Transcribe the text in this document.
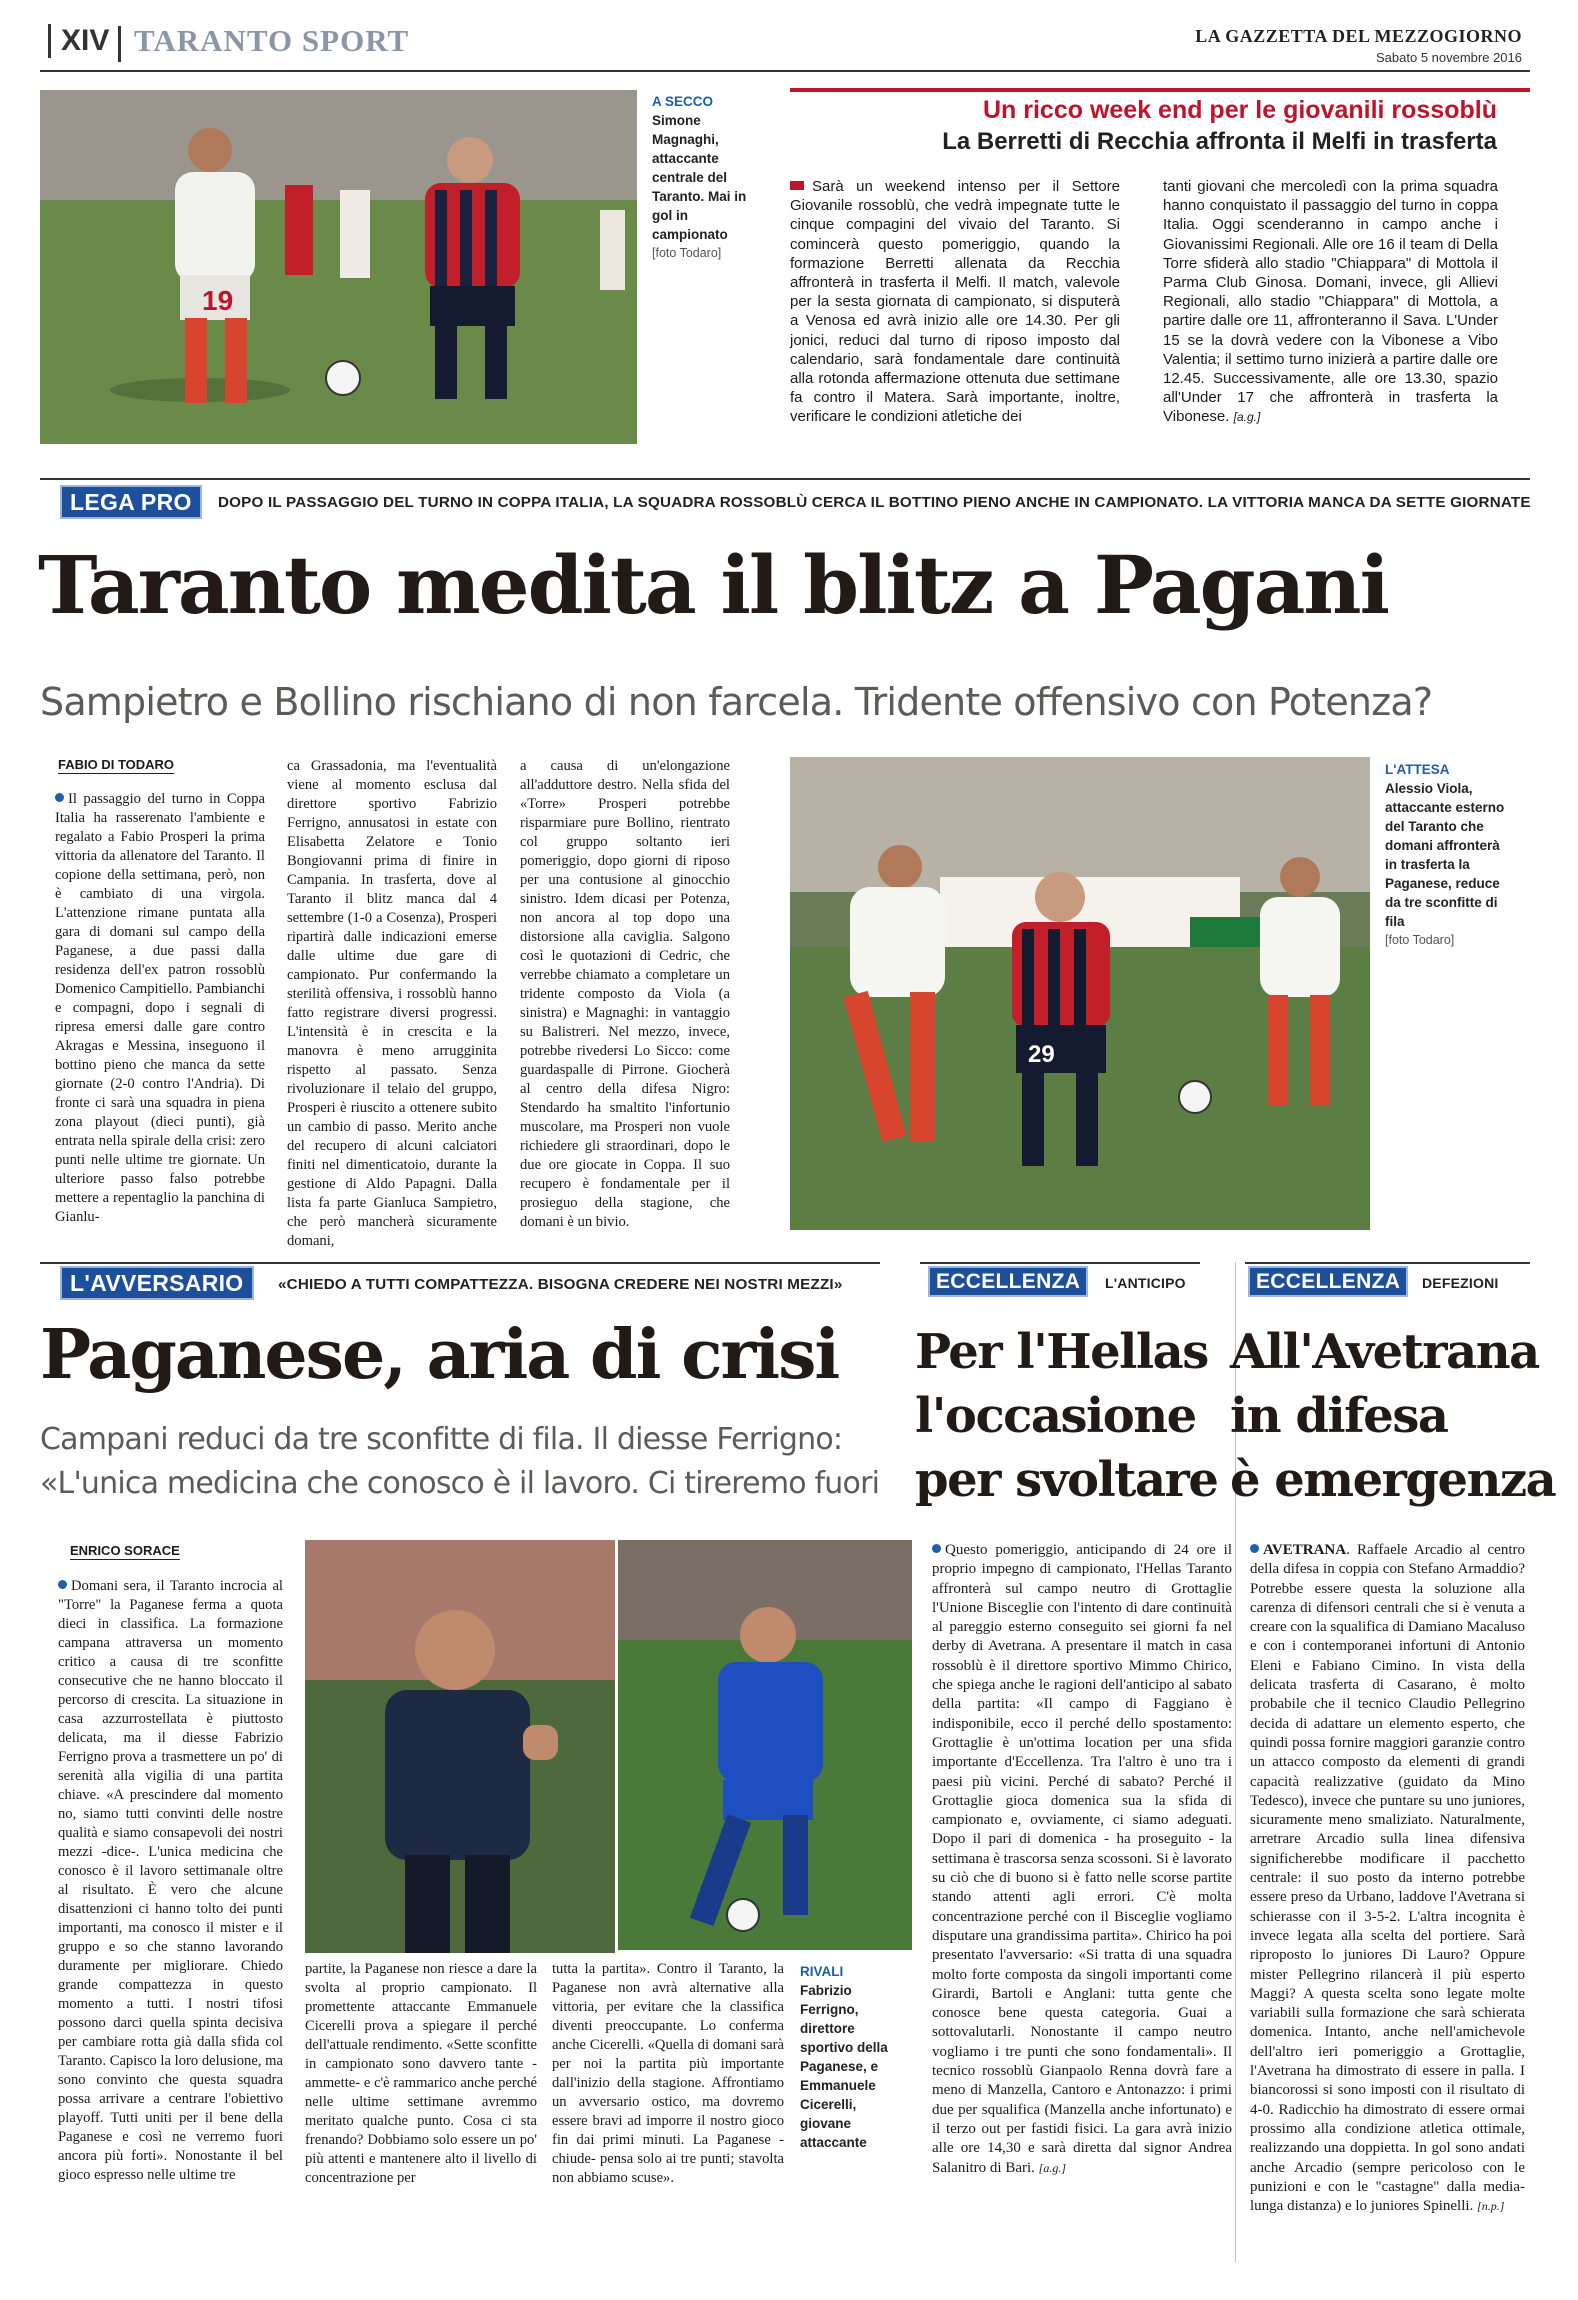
XIV TARANTO SPORT	LA GAZZETTA DEL MEZZOGIORNO
Sabato 5 novembre 2016
19
A SECCO
Simone Magnaghi, attaccante centrale del Taranto. Mai in gol in campionato
[foto Todaro]
Un ricco week end per le giovanili rossoblù
La Berretti di Recchia affronta il Melfi in trasferta
Sarà un weekend intenso per il Settore Giovanile rossoblù, che vedrà impegnate tutte le cinque compagini del vivaio del Taranto. Si comincerà questo pomeriggio, quando la formazione Berretti allenata da Recchia affronterà in trasferta il Melfi. Il match, valevole per la sesta giornata di campionato, si disputerà a Venosa ed avrà inizio alle ore 14.30. Per gli jonici, reduci dal turno di riposo imposto dal calendario, sarà fondamentale dare continuità alla rotonda affermazione ottenuta due settimane fa contro il Matera. Sarà importante, inoltre, verificare le condizioni atletiche dei
tanti giovani che mercoledì con la prima squadra hanno conquistato il passaggio del turno in coppa Italia. Oggi scenderanno in campo anche i Giovanissimi Regionali. Alle ore 16 il team di Della Torre sfiderà allo stadio "Chiappara" di Mottola il Parma Club Ginosa. Domani, invece, gli Allievi Regionali, allo stadio "Chiappara" di Mottola, a partire dalle ore 11, affronteranno il Sava. L'Under 15 se la dovrà vedere con la Vibonese a Vibo Valentia; il settimo turno inizierà a partire dalle ore 12.45. Successivamente, alle ore 13.30, spazio all'Under 17 che affronterà in trasferta la Vibonese. [a.g.]
LEGA PRO	DOPO IL PASSAGGIO DEL TURNO IN COPPA ITALIA, LA SQUADRA ROSSOBLÙ CERCA IL BOTTINO PIENO ANCHE IN CAMPIONATO. LA VITTORIA MANCA DA SETTE GIORNATE
Taranto medita il blitz a Pagani
Sampietro e Bollino rischiano di non farcela. Tridente offensivo con Potenza?
FABIO DI TODARO
Il passaggio del turno in Coppa Italia ha rasserenato l'ambiente e regalato a Fabio Prosperi la prima vittoria da allenatore del Taranto. Il copione della settimana, però, non è cambiato di una virgola. L'attenzione rimane puntata alla gara di domani sul campo della Paganese, a due passi dalla residenza dell'ex patron rossoblù Domenico Campitiello. Pambianchi e compagni, dopo i segnali di ripresa emersi dalle gare contro Akragas e Messina, inseguono il bottino pieno che manca da sette giornate (2-0 contro l'Andria). Di fronte ci sarà una squadra in piena zona playout (dieci punti), già entrata nella spirale della crisi: zero punti nelle ultime tre giornate. Un ulteriore passo falso potrebbe mettere a repentaglio la panchina di Gianlu-
ca Grassadonia, ma l'eventualità viene al momento esclusa dal direttore sportivo Fabrizio Ferrigno, annusatosi in estate con Elisabetta Zelatore e Tonio Bongiovanni prima di finire in Campania. In trasferta, dove al Taranto il blitz manca dal 4 settembre (1-0 a Cosenza), Prosperi ripartirà dalle indicazioni emerse dalle ultime due gare di campionato. Pur confermando la sterilità offensiva, i rossoblù hanno fatto registrare diversi progressi. L'intensità è in crescita e la manovra è meno arrugginita rispetto al passato. Senza rivoluzionare il telaio del gruppo, Prosperi è riuscito a ottenere subito un cambio di passo. Merito anche del recupero di alcuni calciatori finiti nel dimenticatoio, durante la gestione di Aldo Papagni. Dalla lista fa parte Gianluca Sampietro, che però mancherà sicuramente domani,
a causa di un'elongazione all'adduttore destro. Nella sfida del «Torre» Prosperi potrebbe risparmiare pure Bollino, rientrato col gruppo soltanto ieri pomeriggio, dopo giorni di riposo per una contusione al ginocchio sinistro. Idem dicasi per Potenza, non ancora al top dopo una distorsione alla caviglia. Salgono così le quotazioni di Cedric, che verrebbe chiamato a completare un tridente composto da Viola (a sinistra) e Magnaghi: in vantaggio su Balistreri. Nel mezzo, invece, potrebbe rivedersi Lo Sicco: come guardaspalle di Pirrone. Giocherà al centro della difesa Nigro: Stendardo ha smaltito l'infortunio muscolare, ma Prosperi non vuole richiedere gli straordinari, dopo le due ore giocate in Coppa. Il suo recupero è fondamentale per il prosieguo della stagione, che domani è un bivio.
29
L'ATTESA
Alessio Viola, attaccante esterno del Taranto che domani affronterà in trasferta la Paganese, reduce da tre sconfitte di fila
[foto Todaro]
L'AVVERSARIO	«CHIEDO A TUTTI COMPATTEZZA. BISOGNA CREDERE NEI NOSTRI MEZZI»
Paganese, aria di crisi
Campani reduci da tre sconfitte di fila. Il diesse Ferrigno:
«L'unica medicina che conosco è il lavoro. Ci tireremo fuori
ENRICO SORACE
Domani sera, il Taranto incrocia al "Torre" la Paganese ferma a quota dieci in classifica. La formazione campana attraversa un momento critico a causa di tre sconfitte consecutive che ne hanno bloccato il percorso di crescita. La situazione in casa azzurrostellata è piuttosto delicata, ma il diesse Fabrizio Ferrigno prova a trasmettere un po' di serenità alla vigilia di una partita chiave. «A prescindere dal momento no, siamo tutti convinti delle nostre qualità e siamo consapevoli dei nostri mezzi -dice-. L'unica medicina che conosco è il lavoro settimanale oltre al risultato. È vero che alcune disattenzioni ci hanno tolto dei punti importanti, ma conosco il mister e il gruppo e so che stanno lavorando duramente per migliorare. Chiedo grande compattezza in questo momento a tutti. I nostri tifosi possono darci quella spinta decisiva per cambiare rotta già dalla sfida col Taranto. Capisco la loro delusione, ma sono convinto che questa squadra possa arrivare a centrare l'obiettivo playoff. Tutti uniti per il bene della Paganese e così ne verremo fuori ancora più forti». Nonostante il bel gioco espresso nelle ultime tre
partite, la Paganese non riesce a dare la svolta al proprio campionato. Il promettente attaccante Emmanuele Cicerelli prova a spiegare il perché dell'attuale rendimento. «Sette sconfitte in campionato sono davvero tante -ammette- e c'è rammarico anche perché nelle ultime settimane avremmo meritato qualche punto. Cosa ci sta frenando? Dobbiamo solo essere un po' più attenti e mantenere alto il livello di concentrazione per
tutta la partita». Contro il Taranto, la Paganese non avrà alternative alla vittoria, per evitare che la classifica diventi preoccupante. Lo conferma anche Cicerelli. «Quella di domani sarà per noi la partita più importante dall'inizio della stagione. Affrontiamo un avversario ostico, ma dovremo essere bravi ad imporre il nostro gioco fin dai primi minuti. La Paganese -chiude- pensa solo ai tre punti; stavolta non abbiamo scuse».
RIVALI
Fabrizio Ferrigno, direttore sportivo della Paganese, e Emmanuele Cicerelli, giovane attaccante
ECCELLENZA	L'ANTICIPO
Per l'Hellas
l'occasione
per svoltare
Questo pomeriggio, anticipando di 24 ore il proprio impegno di campionato, l'Hellas Taranto affronterà sul campo neutro di Grottaglie l'Unione Bisceglie con l'intento di dare continuità al pareggio esterno conseguito sei giorni fa nel derby di Avetrana. A presentare il match in casa rossoblù è il direttore sportivo Mimmo Chirico, che spiega anche le ragioni dell'anticipo al sabato della partita: «Il campo di Faggiano è indisponibile, ecco il perché dello spostamento: Grottaglie è un'ottima location per una sfida importante d'Eccellenza. Tra l'altro è uno tra i paesi più vicini. Perché di sabato? Perché il Grottaglie gioca domenica sua la sfida di campionato e, ovviamente, ci siamo adeguati. Dopo il pari di domenica - ha proseguito - la settimana è trascorsa senza scossoni. Si è lavorato su ciò che di buono si è fatto nelle scorse partite stando attenti agli errori. C'è molta concentrazione perché con il Bisceglie vogliamo disputare una grandissima partita». Chirico ha poi presentato l'avversario: «Si tratta di una squadra molto forte composta da singoli importanti come Girardi, Bartoli e Anglani: tutta gente che conosce bene questa categoria. Guai a sottovalutarli. Nonostante il campo neutro vogliamo i tre punti che sono fondamentali». Il tecnico rossoblù Gianpaolo Renna dovrà fare a meno di Manzella, Cantoro e Antonazzo: i primi due per squalifica (Manzella anche infortunato) e il terzo out per fastidi fisici. La gara avrà inizio alle ore 14,30 e sarà diretta dal signor Andrea Salanitro di Bari. [a.g.]
ECCELLENZA	DEFEZIONI
All'Avetrana
in difesa
è emergenza
AVETRANA. Raffaele Arcadio al centro della difesa in coppia con Stefano Armaddio? Potrebbe essere questa la soluzione alla carenza di difensori centrali che si è venuta a creare con la squalifica di Damiano Macaluso e con i contemporanei infortuni di Antonio Eleni e Fabiano Cimino. In vista della delicata trasferta di Casarano, è molto probabile che il tecnico Claudio Pellegrino decida di adattare un elemento esperto, che quindi possa fornire maggiori garanzie contro un attacco composto da elementi di grandi capacità realizzative (guidato da Mino Tedesco), invece che puntare su uno juniores, sicuramente meno smaliziato. Naturalmente, arretrare Arcadio sulla linea difensiva significherebbe modificare il pacchetto centrale: il suo posto da interno potrebbe essere preso da Urbano, laddove l'Avetrana si schierasse con il 3-5-2. L'altra incognita è invece legata alla scelta del portiere. Sarà riproposto lo juniores Di Lauro? Oppure mister Pellegrino rilancerà il più esperto Maggi? A questa scelta sono legate molte variabili sulla formazione che sarà schierata domenica. Intanto, anche nell'amichevole dell'altro ieri pomeriggio a Grottaglie, l'Avetrana ha dimostrato di essere in palla. I biancorossi si sono imposti con il risultato di 4-0. Radicchio ha dimostrato di essere ormai prossimo alla condizione atletica ottimale, realizzando una doppietta. In gol sono andati anche Arcadio (sempre pericoloso con le punizioni e con le "castagne" dalla media-lunga distanza) e lo juniores Spinelli. [n.p.]
